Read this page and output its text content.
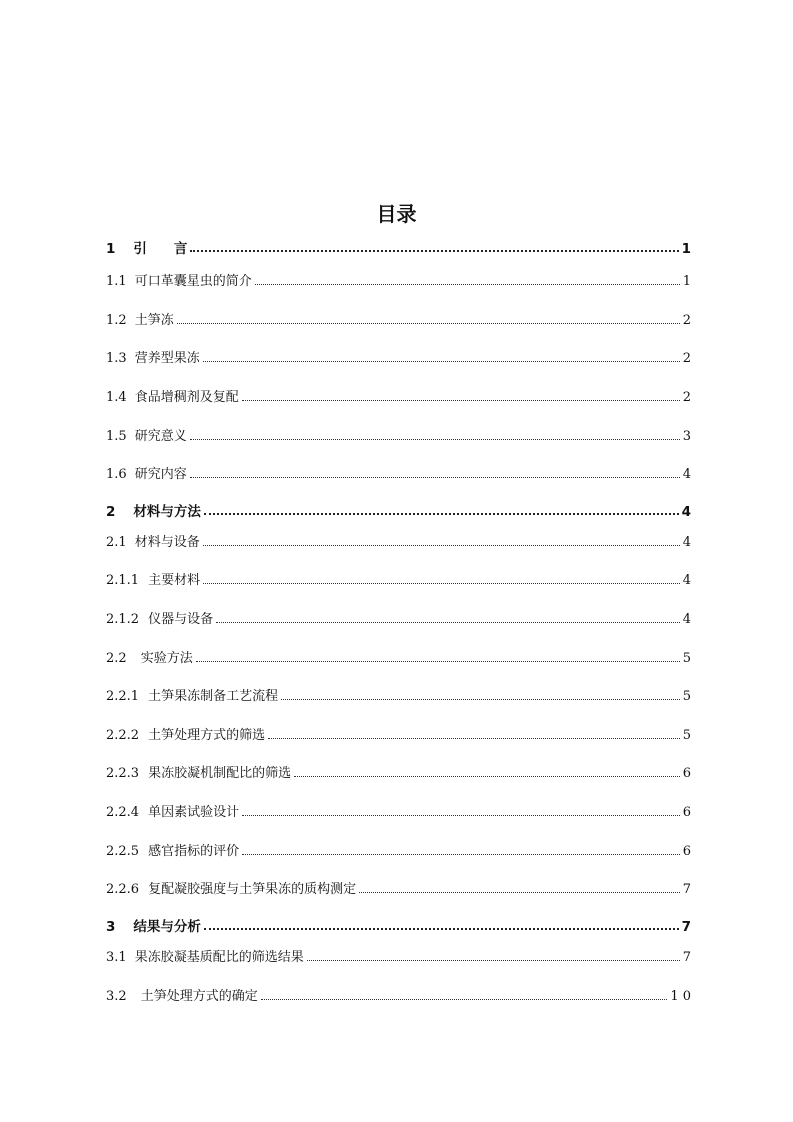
目录
1 引　　言	1
1.1 可口革囊星虫的简介	1
1.2 土笋冻	2
1.3 营养型果冻	2
1.4 食品增稠剂及复配	2
1.5 研究意义	3
1.6 研究内容	4
2 材料与方法	4
2.1 材料与设备	4
2.1.1 主要材料	4
2.1.2 仪器与设备	4
2.2 实验方法	5
2.2.1 土笋果冻制备工艺流程	5
2.2.2 土笋处理方式的筛选	5
2.2.3 果冻胶凝机制配比的筛选	6
2.2.4 单因素试验设计	6
2.2.5 感官指标的评价	6
2.2.6 复配凝胶强度与土笋果冻的质构测定	7
3 结果与分析	7
3.1 果冻胶凝基质配比的筛选结果	7
3.2 土笋处理方式的确定	1 0
